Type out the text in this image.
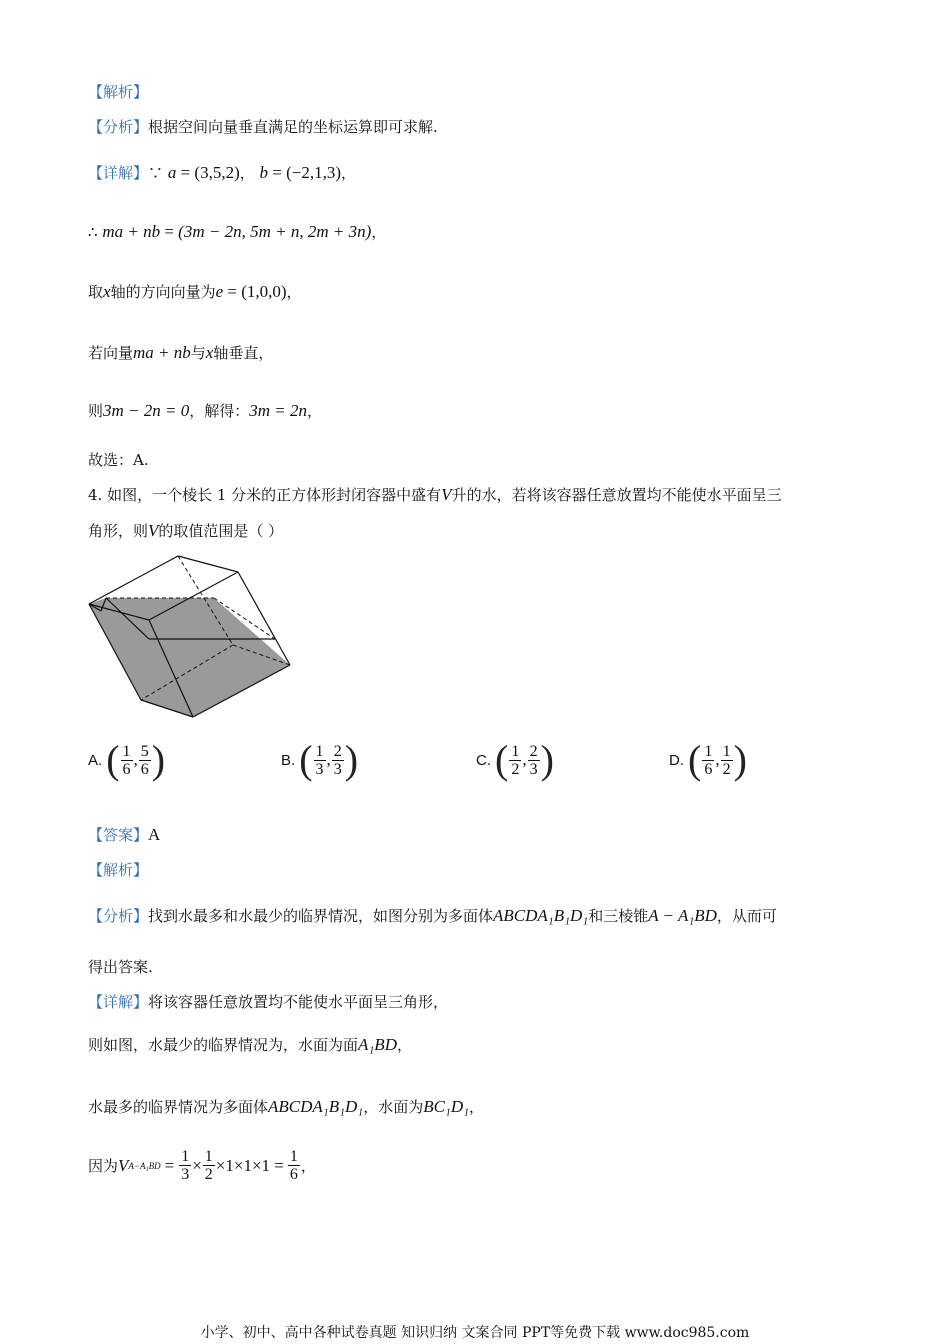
【解析】
【分析】根据空间向量垂直满足的坐标运算即可求解.
【详解】∵ a = (3,5,2)， b = (−2,1,3)，
∴ ma + nb = (3m − 2n, 5m + n, 2m + 3n)，
取x轴的方向向量为e = (1,0,0)，
若向量ma + nb与x轴垂直，
则3m − 2n = 0，解得：3m = 2n，
故选：A.
4. 如图，一个棱长 1 分米的正方体形封闭容器中盛有V升的水，若将该容器任意放置均不能使水平面呈三
角形，则V的取值范围是（ ）
A. ( $\frac{1}{6}$ , $\frac{5}{6}$ )	B. ( $\frac{1}{3}$ , $\frac{2}{3}$ )	C. ( $\frac{1}{2}$ , $\frac{2}{3}$ )	D. ( $\frac{1}{6}$ , $\frac{1}{2}$ )
【答案】A
【解析】
【分析】找到水最多和水最少的临界情况，如图分别为多面体ABCDA₁B₁D₁和三棱锥A − A₁BD，从而可
得出答案.
【详解】将该容器任意放置均不能使水平面呈三角形，
则如图，水最少的临界情况为，水面为面A₁BD，
水最多的临界情况为多面体ABCDA₁B₁D₁，水面为BC₁D₁，
因为 V $A-A_1BD = \frac{1}{3} \times \frac{1}{2} \times 1\times 1\times 1 = \frac{1}{6}$ ，
小学、初中、高中各种试卷真题 知识归纳 文案合同 PPT等免费下载 www.doc985.com
